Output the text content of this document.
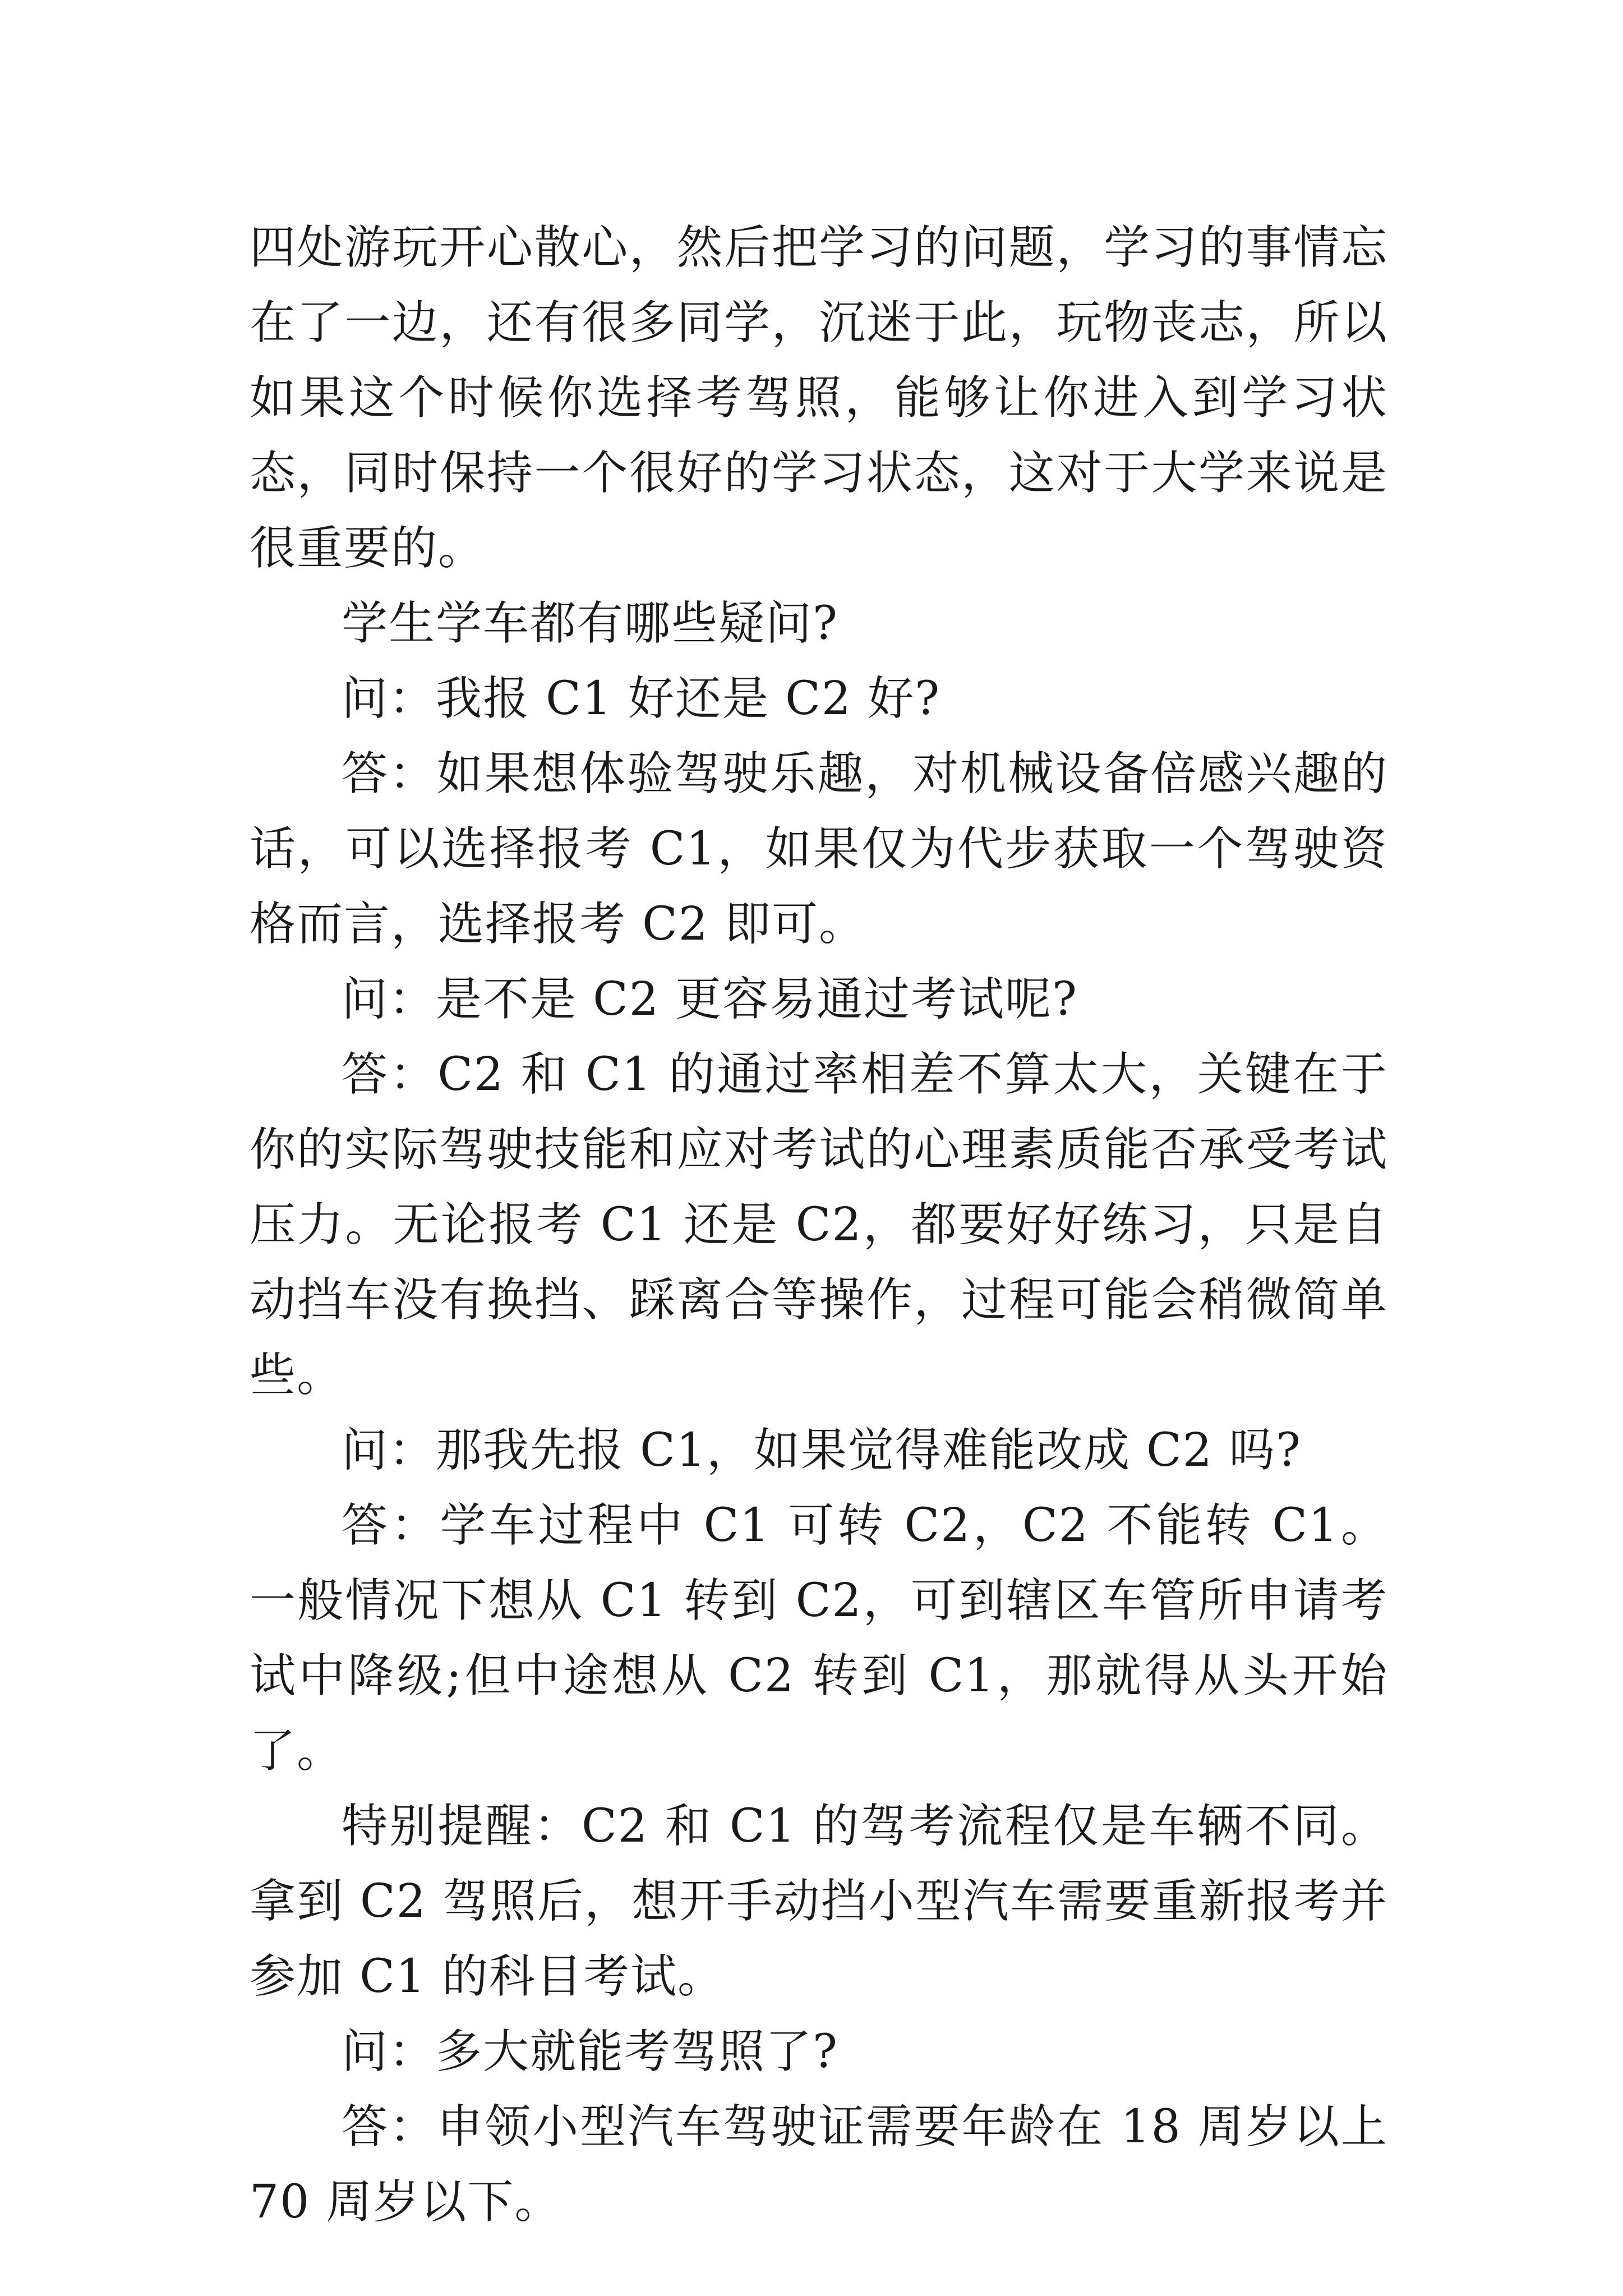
四处游玩开心散心，然后把学习的问题，学习的事情忘在了一边，还有很多同学，沉迷于此，玩物丧志，所以如果这个时候你选择考驾照，能够让你进入到学习状态，同时保持一个很好的学习状态，这对于大学来说是很重要的。

学生学车都有哪些疑问?

问：我报 C1 好还是 C2 好?

答：如果想体验驾驶乐趣，对机械设备倍感兴趣的话，可以选择报考 C1，如果仅为代步获取一个驾驶资格而言，选择报考 C2 即可。

问：是不是 C2 更容易通过考试呢?

答：C2 和 C1 的通过率相差不算太大，关键在于你的实际驾驶技能和应对考试的心理素质能否承受考试压力。无论报考 C1 还是 C2，都要好好练习，只是自动挡车没有换挡、踩离合等操作，过程可能会稍微简单些。

问：那我先报 C1，如果觉得难能改成 C2 吗?

答：学车过程中 C1 可转 C2，C2 不能转 C1。一般情况下想从 C1 转到 C2，可到辖区车管所申请考试中降级;但中途想从 C2 转到 C1，那就得从头开始了。

特别提醒：C2 和 C1 的驾考流程仅是车辆不同。拿到 C2 驾照后，想开手动挡小型汽车需要重新报考并参加 C1 的科目考试。

问：多大就能考驾照了?

答：申领小型汽车驾驶证需要年龄在 18 周岁以上 70 周岁以下。
